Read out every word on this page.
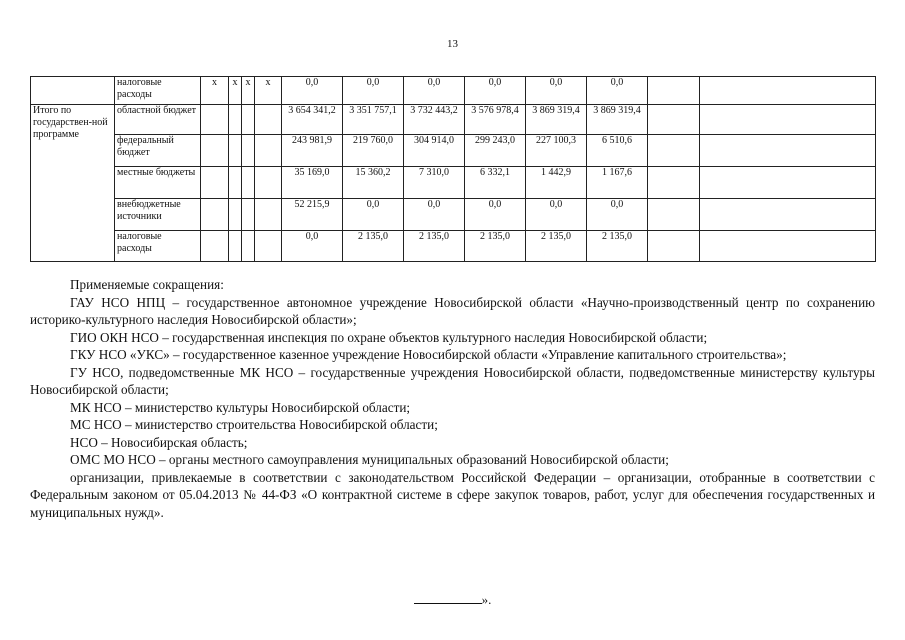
13
	налоговые расходы	x	x	x	x	0,0	0,0	0,0	0,0	0,0	0,0		
Итого по государствен-ной программе	областной бюджет					3 654 341,2	3 351 757,1	3 732 443,2	3 576 978,4	3 869 319,4	3 869 319,4		
	федеральный бюджет					243 981,9	219 760,0	304 914,0	299 243,0	227 100,3	6 510,6		
	местные бюджеты					35 169,0	15 360,2	7 310,0	6 332,1	1 442,9	1 167,6		
	внебюджетные источники					52 215,9	0,0	0,0	0,0	0,0	0,0		
	налоговые расходы					0,0	2 135,0	2 135,0	2 135,0	2 135,0	2 135,0		

Применяемые сокращения:

ГАУ НСО НПЦ – государственное автономное учреждение Новосибирской области «Научно-производственный центр по сохранению историко-культурного наследия Новосибирской области»;

ГИО ОКН НСО – государственная инспекция по охране объектов культурного наследия Новосибирской области;

ГКУ НСО «УКС» – государственное казенное учреждение Новосибирской области «Управление капитального строительства»;

ГУ НСО, подведомственные МК НСО – государственные учреждения Новосибирской области, подведомственные министерству культуры Новосибирской области;

МК НСО – министерство культуры Новосибирской области;

МС НСО – министерство строительства Новосибирской области;

НСО – Новосибирская область;

ОМС МО НСО – органы местного самоуправления муниципальных образований Новосибирской области;

организации, привлекаемые в соответствии с законодательством Российской Федерации – организации, отобранные в соответствии с Федеральным законом от 05.04.2013 № 44-ФЗ «О контрактной системе в сфере закупок товаров, работ, услуг для обеспечения государственных и муниципальных нужд».

».
